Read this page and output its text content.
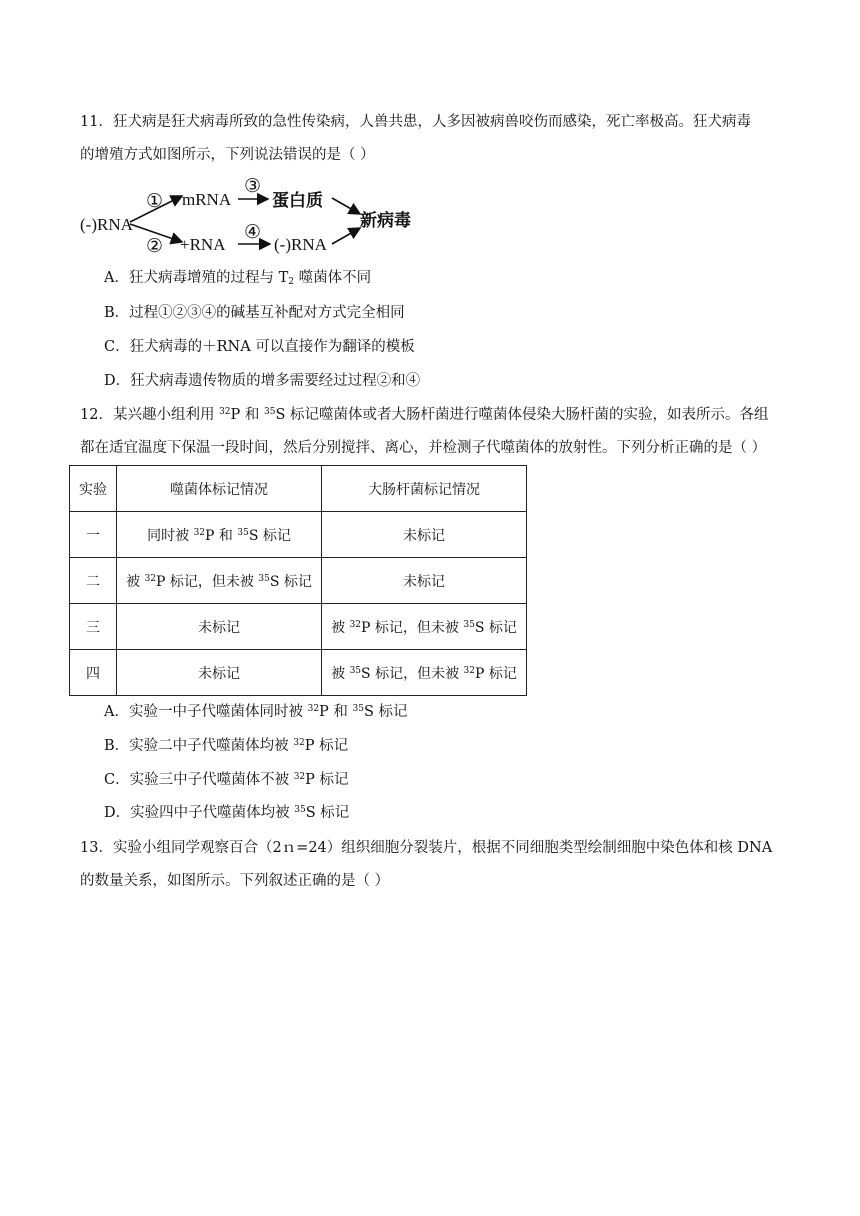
11．狂犬病是狂犬病毒所致的急性传染病，人兽共患，人多因被病兽咬伤而感染，死亡率极高。狂犬病毒
的增殖方式如图所示，下列说法错误的是（ ）
(-)RNA
①
②
mRNA
+RNA
③
④
蛋白质
(-)RNA
新病毒
A．狂犬病毒增殖的过程与 $T_2$ 噬菌体不同
B．过程①②③④的碱基互补配对方式完全相同
C．狂犬病毒的＋RNA 可以直接作为翻译的模板
D．狂犬病毒遗传物质的增多需要经过过程②和④
12．某兴趣小组利用 $^{32}$P 和 $^{35}$S 标记噬菌体或者大肠杆菌进行噬菌体侵染大肠杆菌的实验，如表所示。各组
都在适宜温度下保温一段时间，然后分别搅拌、离心，并检测子代噬菌体的放射性。下列分析正确的是（ ）
实验	噬菌体标记情况	大肠杆菌标记情况
一	同时被 $^{32}$P 和 $^{35}$S 标记	未标记
二	被 $^{32}$P 标记，但未被 $^{35}$S 标记	未标记
三	未标记	被 $^{32}$P 标记，但未被 $^{35}$S 标记
四	未标记	被 $^{35}$S 标记，但未被 $^{32}$P 标记
A．实验一中子代噬菌体同时被 $^{32}$P 和 $^{35}$S 标记
B．实验二中子代噬菌体均被 $^{32}$P 标记
C．实验三中子代噬菌体不被 $^{32}$P 标记
D．实验四中子代噬菌体均被 $^{35}$S 标记
13．实验小组同学观察百合（2ｎ=24）组织细胞分裂装片，根据不同细胞类型绘制细胞中染色体和核 DNA
的数量关系，如图所示。下列叙述正确的是（ ）
